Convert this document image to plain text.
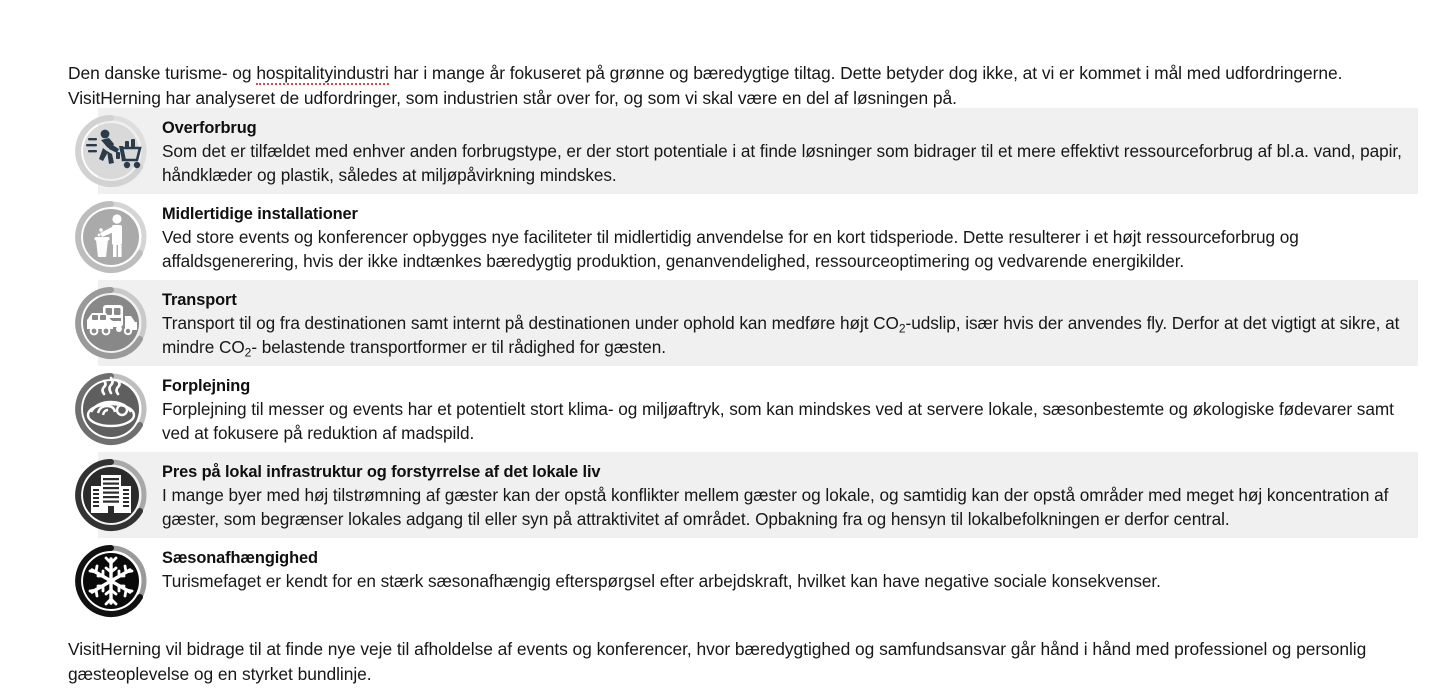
Den danske turisme- og hospitalityindustri har i mange år fokuseret på grønne og bæredygtige tiltag. Dette betyder dog ikke, at vi er kommet i mål med udfordringerne. VisitHerning har analyseret de udfordringer, som industrien står over for, og som vi skal være en del af løsningen på.

Overforbrug
Som det er tilfældet med enhver anden forbrugstype, er der stort potentiale i at finde løsninger som bidrager til et mere effektivt ressourceforbrug af bl.a. vand, papir, håndklæder og plastik, således at miljøpåvirkning mindskes.
Midlertidige installationer
Ved store events og konferencer opbygges nye faciliteter til midlertidig anvendelse for en kort tidsperiode. Dette resulterer i et højt ressourceforbrug og affaldsgenerering, hvis der ikke indtænkes bæredygtig produktion, genanvendelighed, ressourceoptimering og vedvarende energikilder.
Transport
Transport til og fra destinationen samt internt på destinationen under ophold kan medføre højt $CO_2$-udslip, især hvis der anvendes fly. Derfor at det vigtigt at sikre, at mindre $CO_2-$ belastende transportformer er til rådighed for gæsten.
Forplejning
Forplejning til messer og events har et potentielt stort klima- og miljøaftryk, som kan mindskes ved at servere lokale, sæsonbestemte og økologiske fødevarer samt ved at fokusere på reduktion af madspild.
Pres på lokal infrastruktur og forstyrrelse af det lokale liv
I mange byer med høj tilstrømning af gæster kan der opstå konflikter mellem gæster og lokale, og samtidig kan der opstå områder med meget høj koncentration af gæster, som begrænser lokales adgang til eller syn på attraktivitet af området. Opbakning fra og hensyn til lokalbefolkningen er derfor central.
Sæsonafhængighed
Turismefaget er kendt for en stærk sæsonafhængig efterspørgsel efter arbejdskraft, hvilket kan have negative sociale konsekvenser.

VisitHerning vil bidrage til at finde nye veje til afholdelse af events og konferencer, hvor bæredygtighed og samfundsansvar går hånd i hånd med professionel og personlig gæsteoplevelse og en styrket bundlinje.
